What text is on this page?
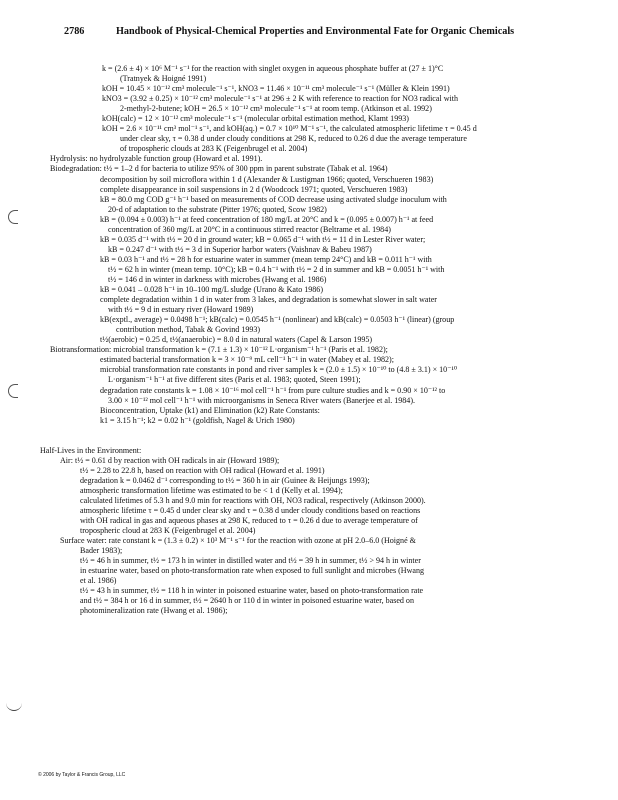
2786	Handbook of Physical-Chemical Properties and Environmental Fate for Organic Chemicals
k = (2.6 ± 4) × 10⁶ M⁻¹ s⁻¹ for the reaction with singlet oxygen in aqueous phosphate buffer at (27 ± 1)°C
(Tratnyek & Hoigné 1991)
kOH = 10.45 × 10⁻¹² cm³ molecule⁻¹ s⁻¹, kNO3 = 11.46 × 10⁻¹¹ cm³ molecule⁻¹ s⁻¹ (Müller & Klein 1991)
kNO3 = (3.92 ± 0.25) × 10⁻¹² cm³ molecule⁻¹ s⁻¹ at 296 ± 2 K with reference to reaction for NO3 radical with
2-methyl-2-butene; kOH = 26.5 × 10⁻¹² cm³ molecule⁻¹ s⁻¹ at room temp. (Atkinson et al. 1992)
kOH(calc) = 12 × 10⁻¹² cm³ molecule⁻¹ s⁻¹ (molecular orbital estimation method, Klamt 1993)
kOH = 2.6 × 10⁻¹¹ cm³ mol⁻¹ s⁻¹, and kOH(aq.) = 0.7 × 10¹⁰ M⁻¹ s⁻¹, the calculated atmospheric lifetime τ = 0.45 d
under clear sky, τ = 0.38 d under cloudy conditions at 298 K, reduced to 0.26 d due the average temperature
of tropospheric clouds at 283 K (Feigenbrugel et al. 2004)
Hydrolysis: no hydrolyzable function group (Howard et al. 1991).
Biodegradation: t½ = 1–2 d for bacteria to utilize 95% of 300 ppm in parent substrate (Tabak et al. 1964)
decomposition by soil microflora within 1 d (Alexander & Lustigman 1966; quoted, Verschueren 1983)
complete disappearance in soil suspensions in 2 d (Woodcock 1971; quoted, Verschueren 1983)
kB = 80.0 mg COD g⁻¹ h⁻¹ based on measurements of COD decrease using activated sludge inoculum with
20-d of adaptation to the substrate (Pitter 1976; quoted, Scow 1982)
kB = (0.094 ± 0.003) h⁻¹ at feed concentration of 180 mg/L at 20°C and k = (0.095 ± 0.007) h⁻¹ at feed
concentration of 360 mg/L at 20°C in a continuous stirred reactor (Beltrame et al. 1984)
kB = 0.035 d⁻¹ with t½ = 20 d in ground water; kB = 0.065 d⁻¹ with t½ = 11 d in Lester River water;
kB = 0.247 d⁻¹ with t½ = 3 d in Superior harbor waters (Vaishnav & Babeu 1987)
kB = 0.03 h⁻¹ and t½ = 28 h for estuarine water in summer (mean temp 24°C) and kB = 0.011 h⁻¹ with
t½ = 62 h in winter (mean temp. 10°C); kB = 0.4 h⁻¹ with t½ = 2 d in summer and kB = 0.0051 h⁻¹ with
t½ = 146 d in winter in darkness with microbes (Hwang et al. 1986)
kB = 0.041 – 0.028 h⁻¹ in 10–100 mg/L sludge (Urano & Kato 1986)
complete degradation within 1 d in water from 3 lakes, and degradation is somewhat slower in salt water
with t½ = 9 d in estuary river (Howard 1989)
kB(exptl., average) = 0.0498 h⁻¹; kB(calc) = 0.0545 h⁻¹ (nonlinear) and kB(calc) = 0.0503 h⁻¹ (linear) (group
contribution method, Tabak & Govind 1993)
t½(aerobic) = 0.25 d, t½(anaerobic) = 8.0 d in natural waters (Capel & Larson 1995)
Biotransformation: microbial transformation k = (7.1 ± 1.3) × 10⁻¹² L·organism⁻¹ h⁻¹ (Paris et al. 1982);
estimated bacterial transformation k = 3 × 10⁻⁹ mL cell⁻¹ h⁻¹ in water (Mabey et al. 1982);
microbial transformation rate constants in pond and river samples k = (2.0 ± 1.5) × 10⁻¹⁰ to (4.8 ± 3.1) × 10⁻¹⁰
L·organism⁻¹ h⁻¹ at five different sites (Paris et al. 1983; quoted, Steen 1991);
degradation rate constants k = 1.08 × 10⁻¹⁶ mol cell⁻¹ h⁻¹ from pure culture studies and k = 0.90 × 10⁻¹² to
3.00 × 10⁻¹² mol cell⁻¹ h⁻¹ with microorganisms in Seneca River waters (Banerjee et al. 1984).
Bioconcentration, Uptake (k1) and Elimination (k2) Rate Constants:
k1 = 3.15 h⁻¹; k2 = 0.02 h⁻¹ (goldfish, Nagel & Urich 1980)
Half-Lives in the Environment:
Air: t½ = 0.61 d by reaction with OH radicals in air (Howard 1989);
t½ = 2.28 to 22.8 h, based on reaction with OH radical (Howard et al. 1991)
degradation k = 0.0462 d⁻¹ corresponding to t½ = 360 h in air (Guinee & Heijungs 1993);
atmospheric transformation lifetime was estimated to be < 1 d (Kelly et al. 1994);
calculated lifetimes of 5.3 h and 9.0 min for reactions with OH, NO3 radical, respectively (Atkinson 2000).
atmospheric lifetime τ = 0.45 d under clear sky and τ = 0.38 d under cloudy conditions based on reactions
with OH radical in gas and aqueous phases at 298 K, reduced to τ = 0.26 d due to average temperature of
tropospheric cloud at 283 K (Feigenbrugel et al. 2004)
Surface water: rate constant k = (1.3 ± 0.2) × 10³ M⁻¹ s⁻¹ for the reaction with ozone at pH 2.0–6.0 (Hoigné &
Bader 1983);
t½ = 46 h in summer, t½ = 173 h in winter in distilled water and t½ = 39 h in summer, t½ > 94 h in winter
in estuarine water, based on photo-transformation rate when exposed to full sunlight and microbes (Hwang
et al. 1986)
t½ = 43 h in summer, t½ = 118 h in winter in poisoned estuarine water, based on photo-transformation rate
and t½ = 384 h or 16 d in summer, t½ = 2640 h or 110 d in winter in poisoned estuarine water, based on
photomineralization rate (Hwang et al. 1986);
© 2006 by Taylor & Francis Group, LLC
